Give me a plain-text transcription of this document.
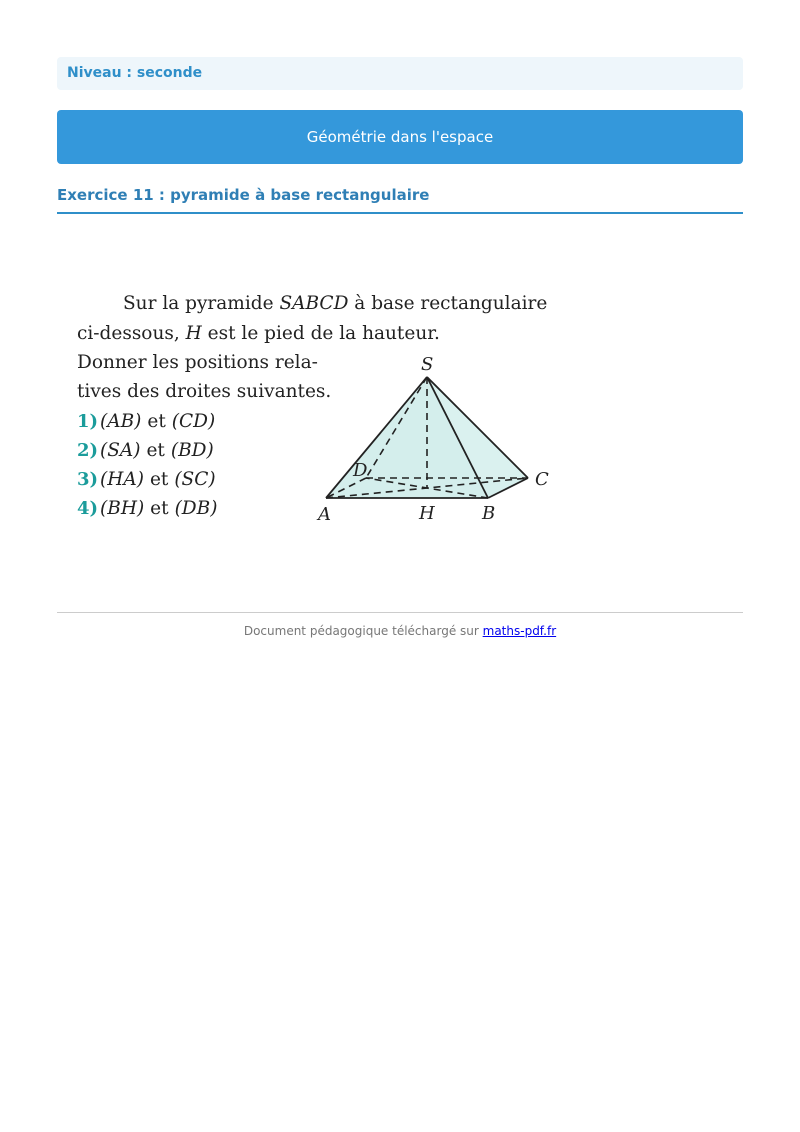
Niveau : seconde
Géométrie dans l'espace
Exercice 11 : pyramide à base rectangulaire
Sur la pyramide SABCD à base rectangulaire
ci-dessous, H est le pied de la hauteur.
Donner les positions rela-
tives des droites suivantes.
1) (AB) et (CD)
2) (SA) et (BD)
3) (HA) et (SC)
4) (BH) et (DB)
S
A	B
C
D
H
Document pédagogique téléchargé sur maths-pdf.fr
